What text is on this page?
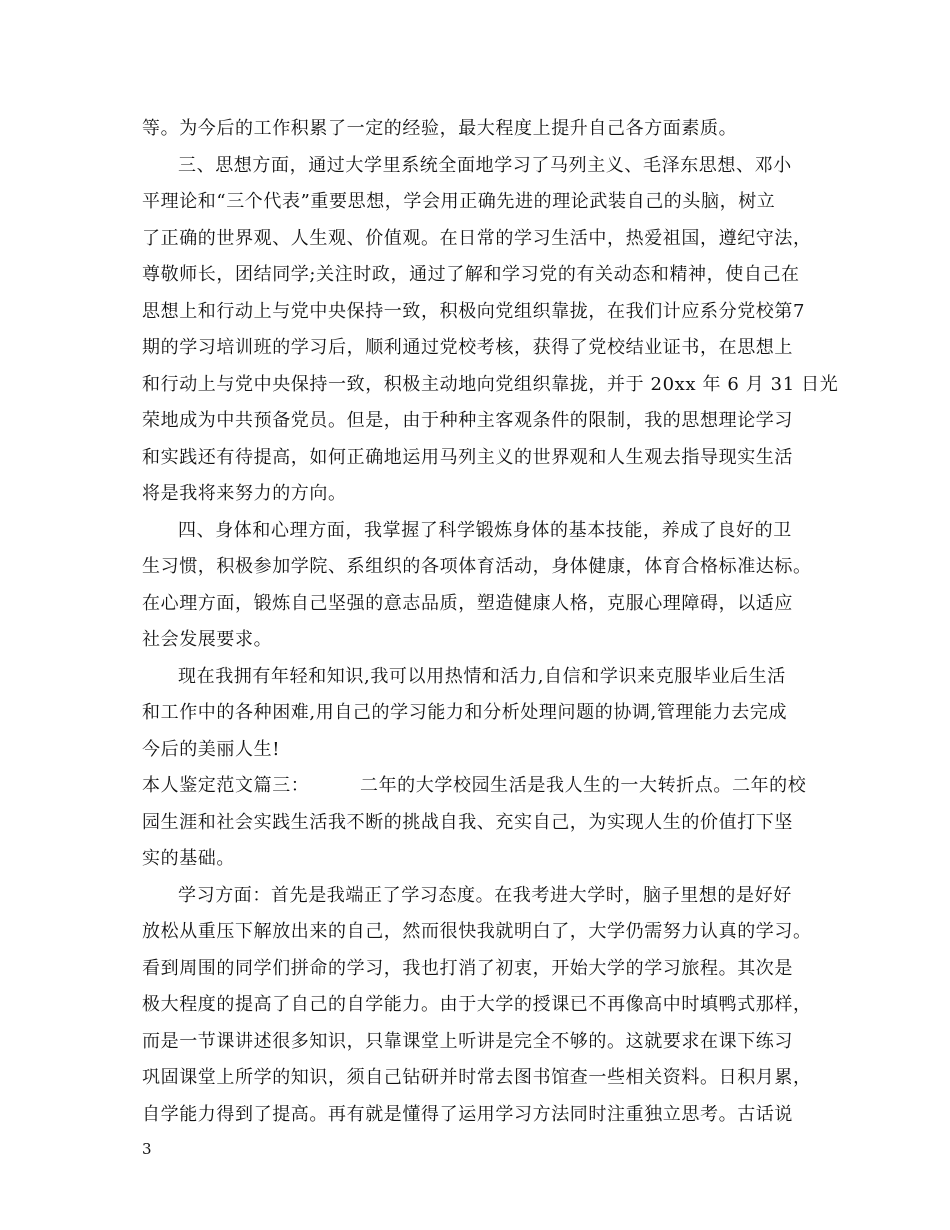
等。为今后的工作积累了一定的经验，最大程度上提升自己各方面素质。
三、思想方面，通过大学里系统全面地学习了马列主义、毛泽东思想、邓小
平理论和“三个代表”重要思想，学会用正确先进的理论武装自己的头脑，树立
了正确的世界观、人生观、价值观。在日常的学习生活中，热爱祖国，遵纪守法，
尊敬师长，团结同学;关注时政，通过了解和学习党的有关动态和精神，使自己在
思想上和行动上与党中央保持一致，积极向党组织靠拢，在我们计应系分党校第7
期的学习培训班的学习后，顺利通过党校考核，获得了党校结业证书，在思想上
和行动上与党中央保持一致，积极主动地向党组织靠拢，并于 20xx 年 6 月 31 日光
荣地成为中共预备党员。但是，由于种种主客观条件的限制，我的思想理论学习
和实践还有待提高，如何正确地运用马列主义的世界观和人生观去指导现实生活
将是我将来努力的方向。
四、身体和心理方面，我掌握了科学锻炼身体的基本技能，养成了良好的卫
生习惯，积极参加学院、系组织的各项体育活动，身体健康，体育合格标准达标。
在心理方面，锻炼自己坚强的意志品质，塑造健康人格，克服心理障碍，以适应
社会发展要求。
现在我拥有年轻和知识,我可以用热情和活力,自信和学识来克服毕业后生活
和工作中的各种困难,用自己的学习能力和分析处理问题的协调,管理能力去完成
今后的美丽人生!
本人鉴定范文篇三：        二年的大学校园生活是我人生的一大转折点。二年的校
园生涯和社会实践生活我不断的挑战自我、充实自己，为实现人生的价值打下坚
实的基础。
学习方面：首先是我端正了学习态度。在我考进大学时，脑子里想的是好好
放松从重压下解放出来的自己，然而很快我就明白了，大学仍需努力认真的学习。
看到周围的同学们拼命的学习，我也打消了初衷，开始大学的学习旅程。其次是
极大程度的提高了自己的自学能力。由于大学的授课已不再像高中时填鸭式那样，
而是一节课讲述很多知识，只靠课堂上听讲是完全不够的。这就要求在课下练习
巩固课堂上所学的知识，须自己钻研并时常去图书馆查一些相关资料。日积月累，
自学能力得到了提高。再有就是懂得了运用学习方法同时注重独立思考。古话说
3
